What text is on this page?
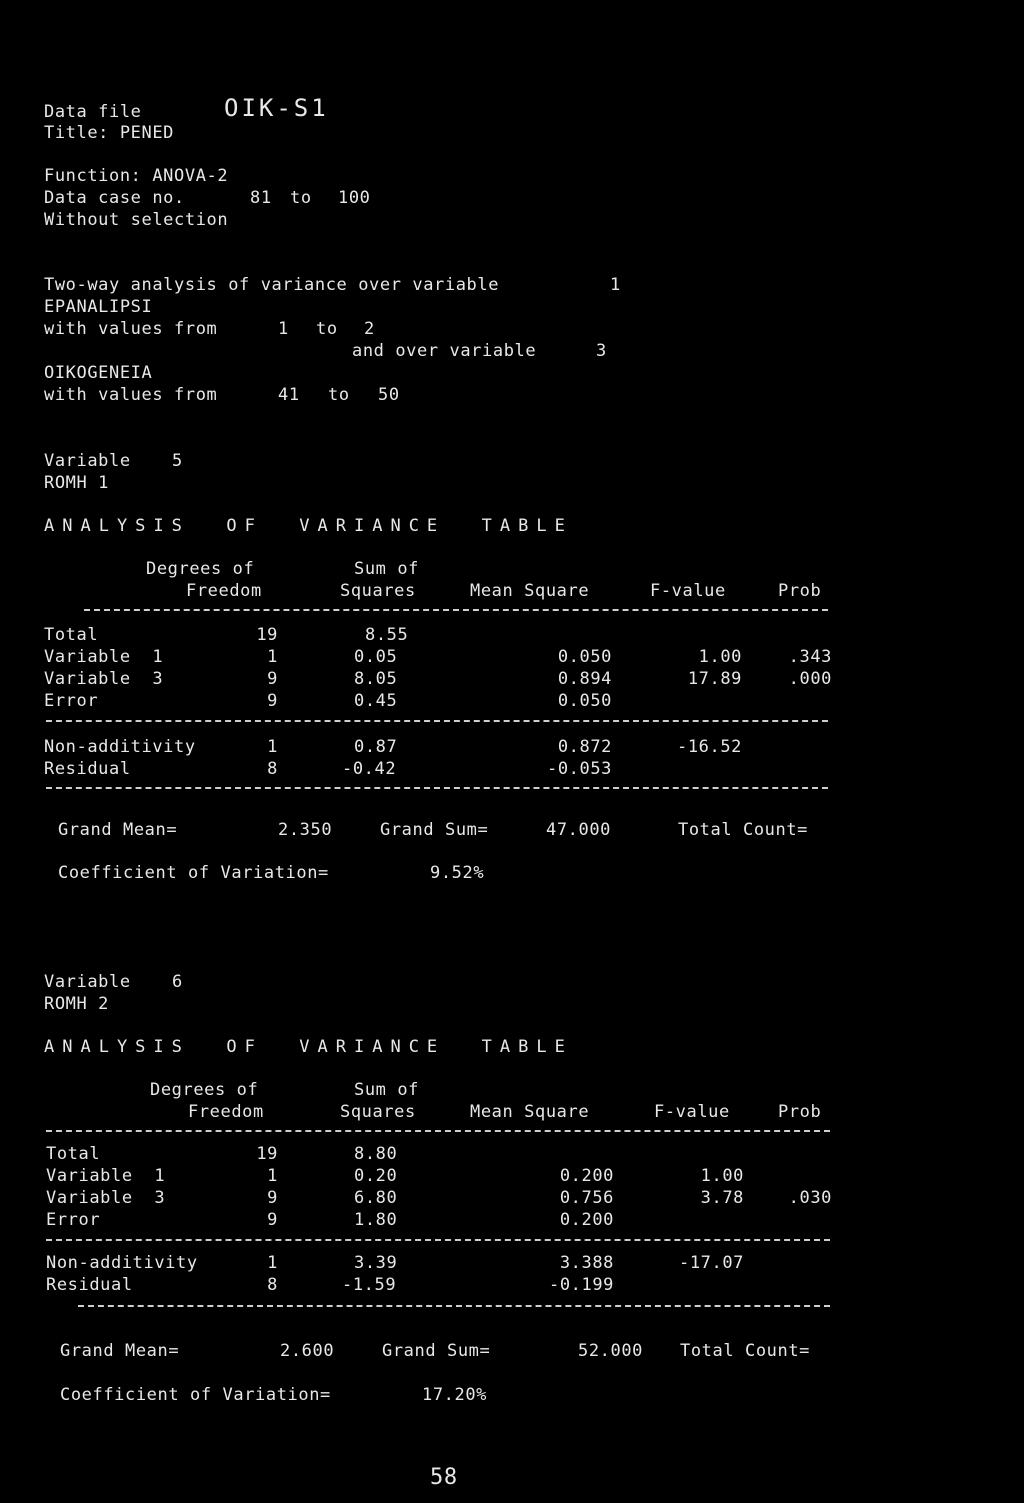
Data file	OIK-S1
Title: PENED
Function: ANOVA-2
Data case no.	81 to 100
Without selection
Two-way analysis of variance over variable	1
EPANALIPSI
with values from	1 to 2
and over variable	3
OIKOGENEIA
with values from	41 to 50
Variable 5
ROMH 1
ANALYSIS  OF  VARIANCE  TABLE
Degrees of
Freedom
Sum of
Squares	Mean Square	F-value	Prob
Total	19	8.55
Variable  1	1	0.05	0.050	1.00	.343
Variable  3	9	8.05	0.894	17.89	.000
Error	9	0.45	0.050
Non-additivity	1	0.87	0.872	-16.52
Residual	8	-0.42	-0.053
Grand Mean=	2.350	Grand Sum=	47.000	Total Count=
Coefficient of Variation=	9.52%
Variable 6
ROMH 2
ANALYSIS  OF  VARIANCE  TABLE
Degrees of
Freedom
Sum of
Squares	Mean Square	F-value	Prob
Total	19	8.80
Variable  1	1	0.20	0.200	1.00
Variable  3	9	6.80	0.756	3.78	.030
Error	9	1.80	0.200
Non-additivity	1	3.39	3.388	-17.07
Residual	8	-1.59	-0.199
Grand Mean=	2.600	Grand Sum=	52.000 Total Count=
Coefficient of Variation=	17.20%
58
